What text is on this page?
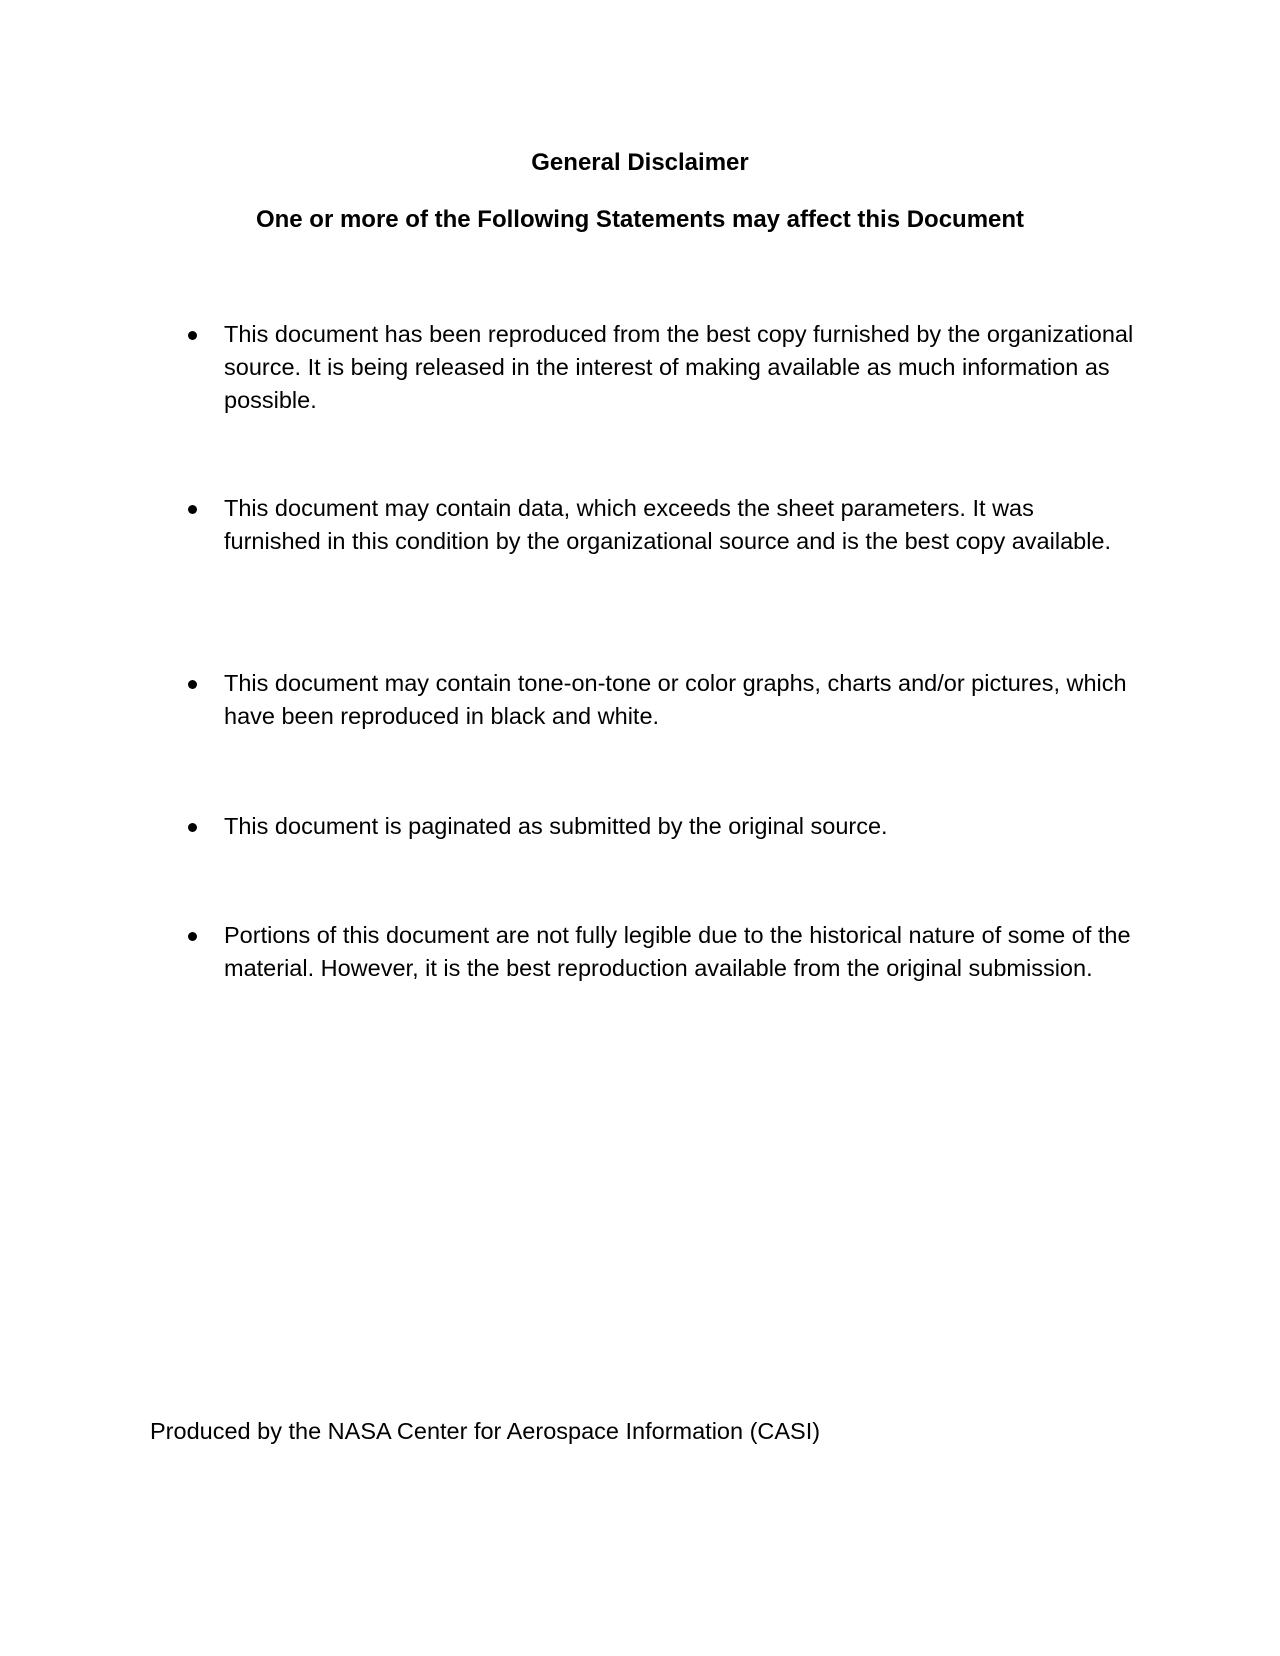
General Disclaimer
One or more of the Following Statements may affect this Document
This document has been reproduced from the best copy furnished by the organizational source. It is being released in the interest of making available as much information as possible.
This document may contain data, which exceeds the sheet parameters. It was furnished in this condition by the organizational source and is the best copy available.
This document may contain tone-on-tone or color graphs, charts and/or pictures, which have been reproduced in black and white.
This document is paginated as submitted by the original source.
Portions of this document are not fully legible due to the historical nature of some of the material. However, it is the best reproduction available from the original submission.
Produced by the NASA Center for Aerospace Information (CASI)
